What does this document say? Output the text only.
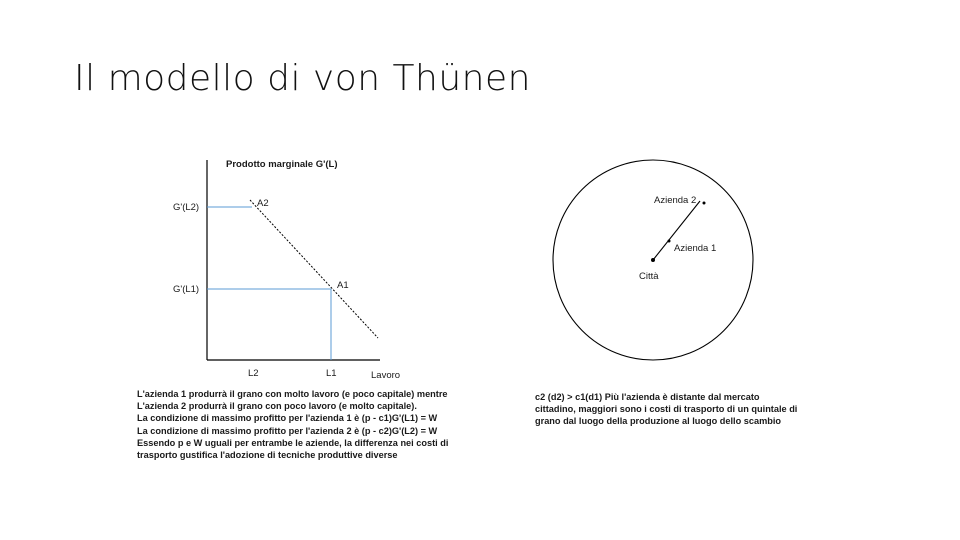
Il modello di von Thünen
Prodotto marginale G'(L)
Lavoro
G'(L2)
G'(L1)
A2
A1
L2	L1
Città
Azienda 1
Azienda 2
L'azienda 1 produrrà il grano con molto lavoro (e poco capitale) mentre
L'azienda 2 produrrà il grano con poco lavoro (e molto capitale).
La condizione di massimo profitto per l'azienda 1 è (p - c1)G'(L1) = W
La condizione di massimo profitto per l'azienda 2 è (p - c2)G'(L2) = W
Essendo p e W uguali per entrambe le aziende, la differenza nei costi di
trasporto gustifica l'adozione di tecniche produttive diverse
c2 (d2) > c1(d1) Più l'azienda è distante dal mercato
cittadino, maggiori sono i costi di trasporto di un quintale di
grano dal luogo della produzione al luogo dello scambio
